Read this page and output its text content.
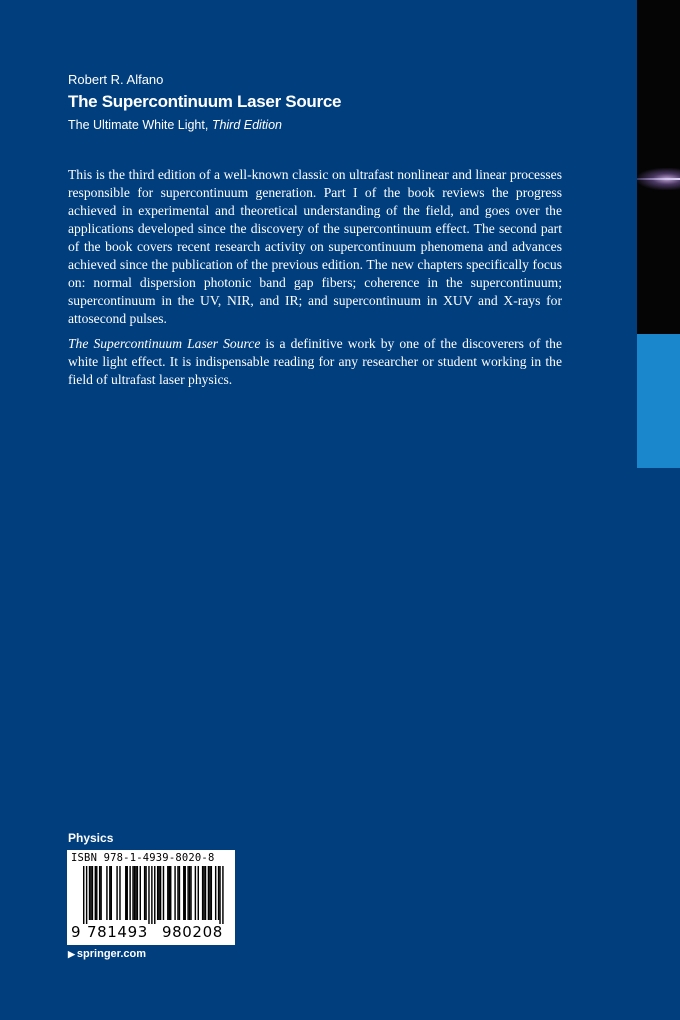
Robert R. Alfano

The Supercontinuum Laser Source

The Ultimate White Light, Third Edition

This is the third edition of a well-known classic on ultrafast nonlinear and linear processes responsible for supercontinuum generation. Part I of the book reviews the progress achieved in experimental and theoretical understanding of the field, and goes over the applications developed since the discovery of the supercontinuum effect. The second part of the book covers recent research activity on supercontinuum phenomena and advances achieved since the publication of the previous edition. The new chapters specifically focus on: normal dispersion photonic band gap fibers; coherence in the supercontinuum; supercontinuum in the UV, NIR, and IR; and supercontinuum in XUV and X-rays for attosecond pulses.

The Supercontinuum Laser Source is a definitive work by one of the discoverers of the white light effect. It is indispensable reading for any researcher or student working in the field of ultrafast laser physics.

Physics
ISBN 978-1-4939-8020-8
9 781493 980208
▶ springer.com
